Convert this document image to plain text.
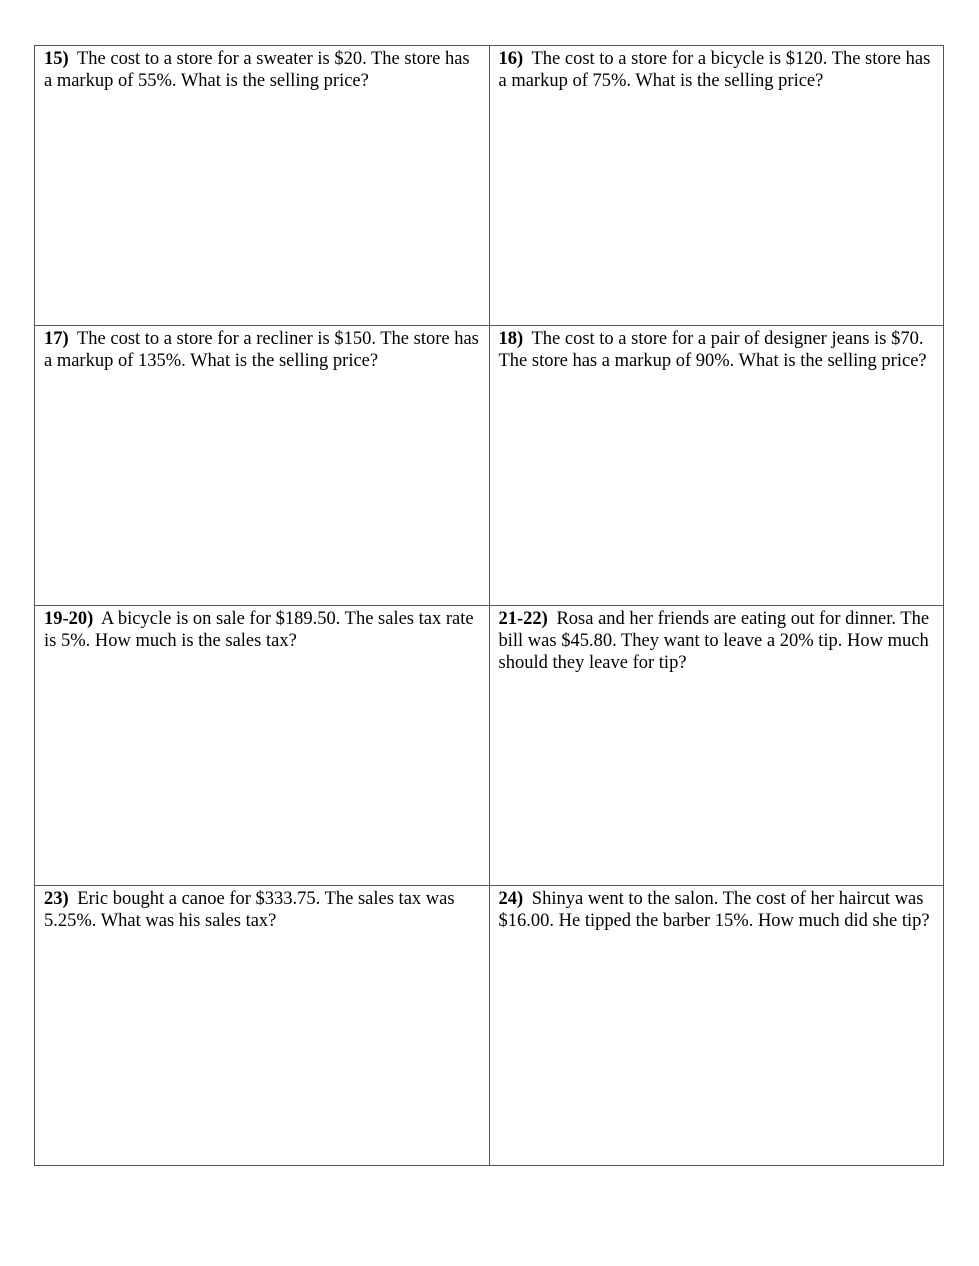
15) The cost to a store for a sweater is $20. The store has a markup of 55%. What is the selling price?	16) The cost to a store for a bicycle is $120. The store has a markup of 75%. What is the selling price?
17) The cost to a store for a recliner is $150. The store has a markup of 135%. What is the selling price?	18) The cost to a store for a pair of designer jeans is $70. The store has a markup of 90%. What is the selling price?
19-20) A bicycle is on sale for $189.50. The sales tax rate is 5%. How much is the sales tax?	21-22) Rosa and her friends are eating out for dinner. The bill was $45.80. They want to leave a 20% tip. How much should they leave for tip?
23) Eric bought a canoe for $333.75. The sales tax was 5.25%. What was his sales tax?	24) Shinya went to the salon. The cost of her haircut was $16.00. He tipped the barber 15%. How much did she tip?
